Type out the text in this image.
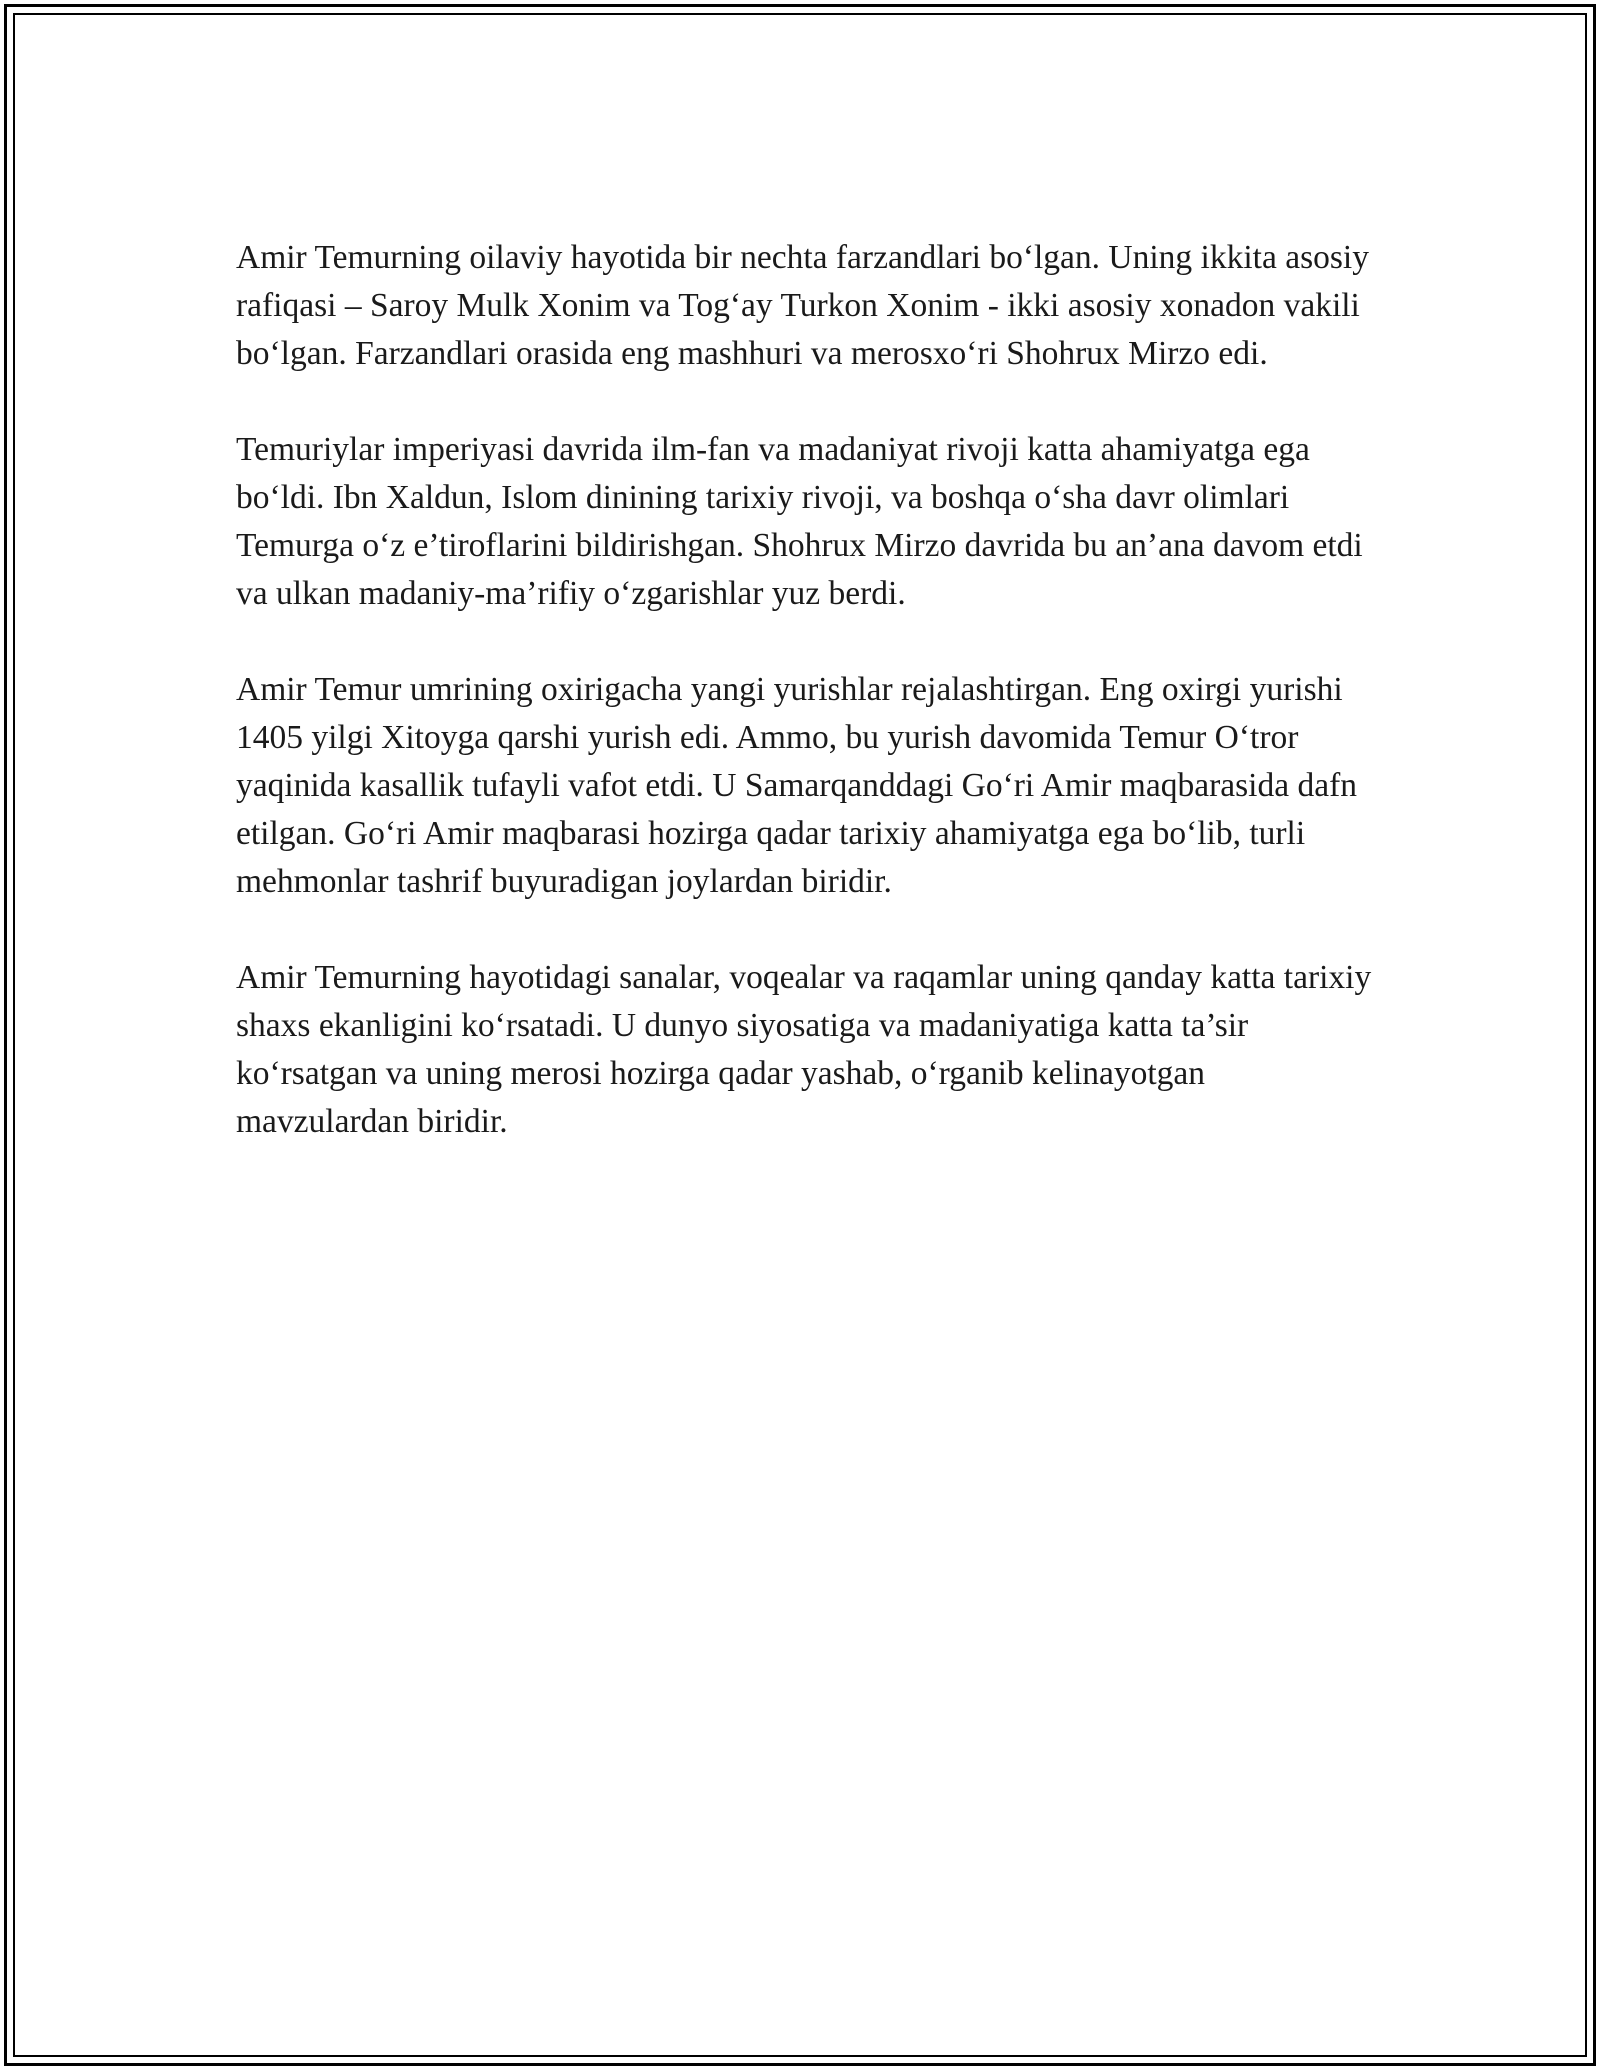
Amir Temurning oilaviy hayotida bir nechta farzandlari bo‘lgan. Uning ikkita asosiy rafiqasi – Saroy Mulk Xonim va Tog‘ay Turkon Xonim - ikki asosiy xonadon vakili bo‘lgan. Farzandlari orasida eng mashhuri va merosxo‘ri Shohrux Mirzo edi.

Temuriylar imperiyasi davrida ilm-fan va madaniyat rivoji katta ahamiyatga ega bo‘ldi. Ibn Xaldun, Islom dinining tarixiy rivoji, va boshqa o‘sha davr olimlari Temurga o‘z e’tiroflarini bildirishgan. Shohrux Mirzo davrida bu an’ana davom etdi va ulkan madaniy-ma’rifiy o‘zgarishlar yuz berdi.

Amir Temur umrining oxirigacha yangi yurishlar rejalashtirgan. Eng oxirgi yurishi 1405 yilgi Xitoyga qarshi yurish edi. Ammo, bu yurish davomida Temur O‘tror yaqinida kasallik tufayli vafot etdi. U Samarqanddagi Go‘ri Amir maqbarasida dafn etilgan. Go‘ri Amir maqbarasi hozirga qadar tarixiy ahamiyatga ega bo‘lib, turli mehmonlar tashrif buyuradigan joylardan biridir.

Amir Temurning hayotidagi sanalar, voqealar va raqamlar uning qanday katta tarixiy shaxs ekanligini ko‘rsatadi. U dunyo siyosatiga va madaniyatiga katta ta’sir ko‘rsatgan va uning merosi hozirga qadar yashab, o‘rganib kelinayotgan mavzulardan biridir.
